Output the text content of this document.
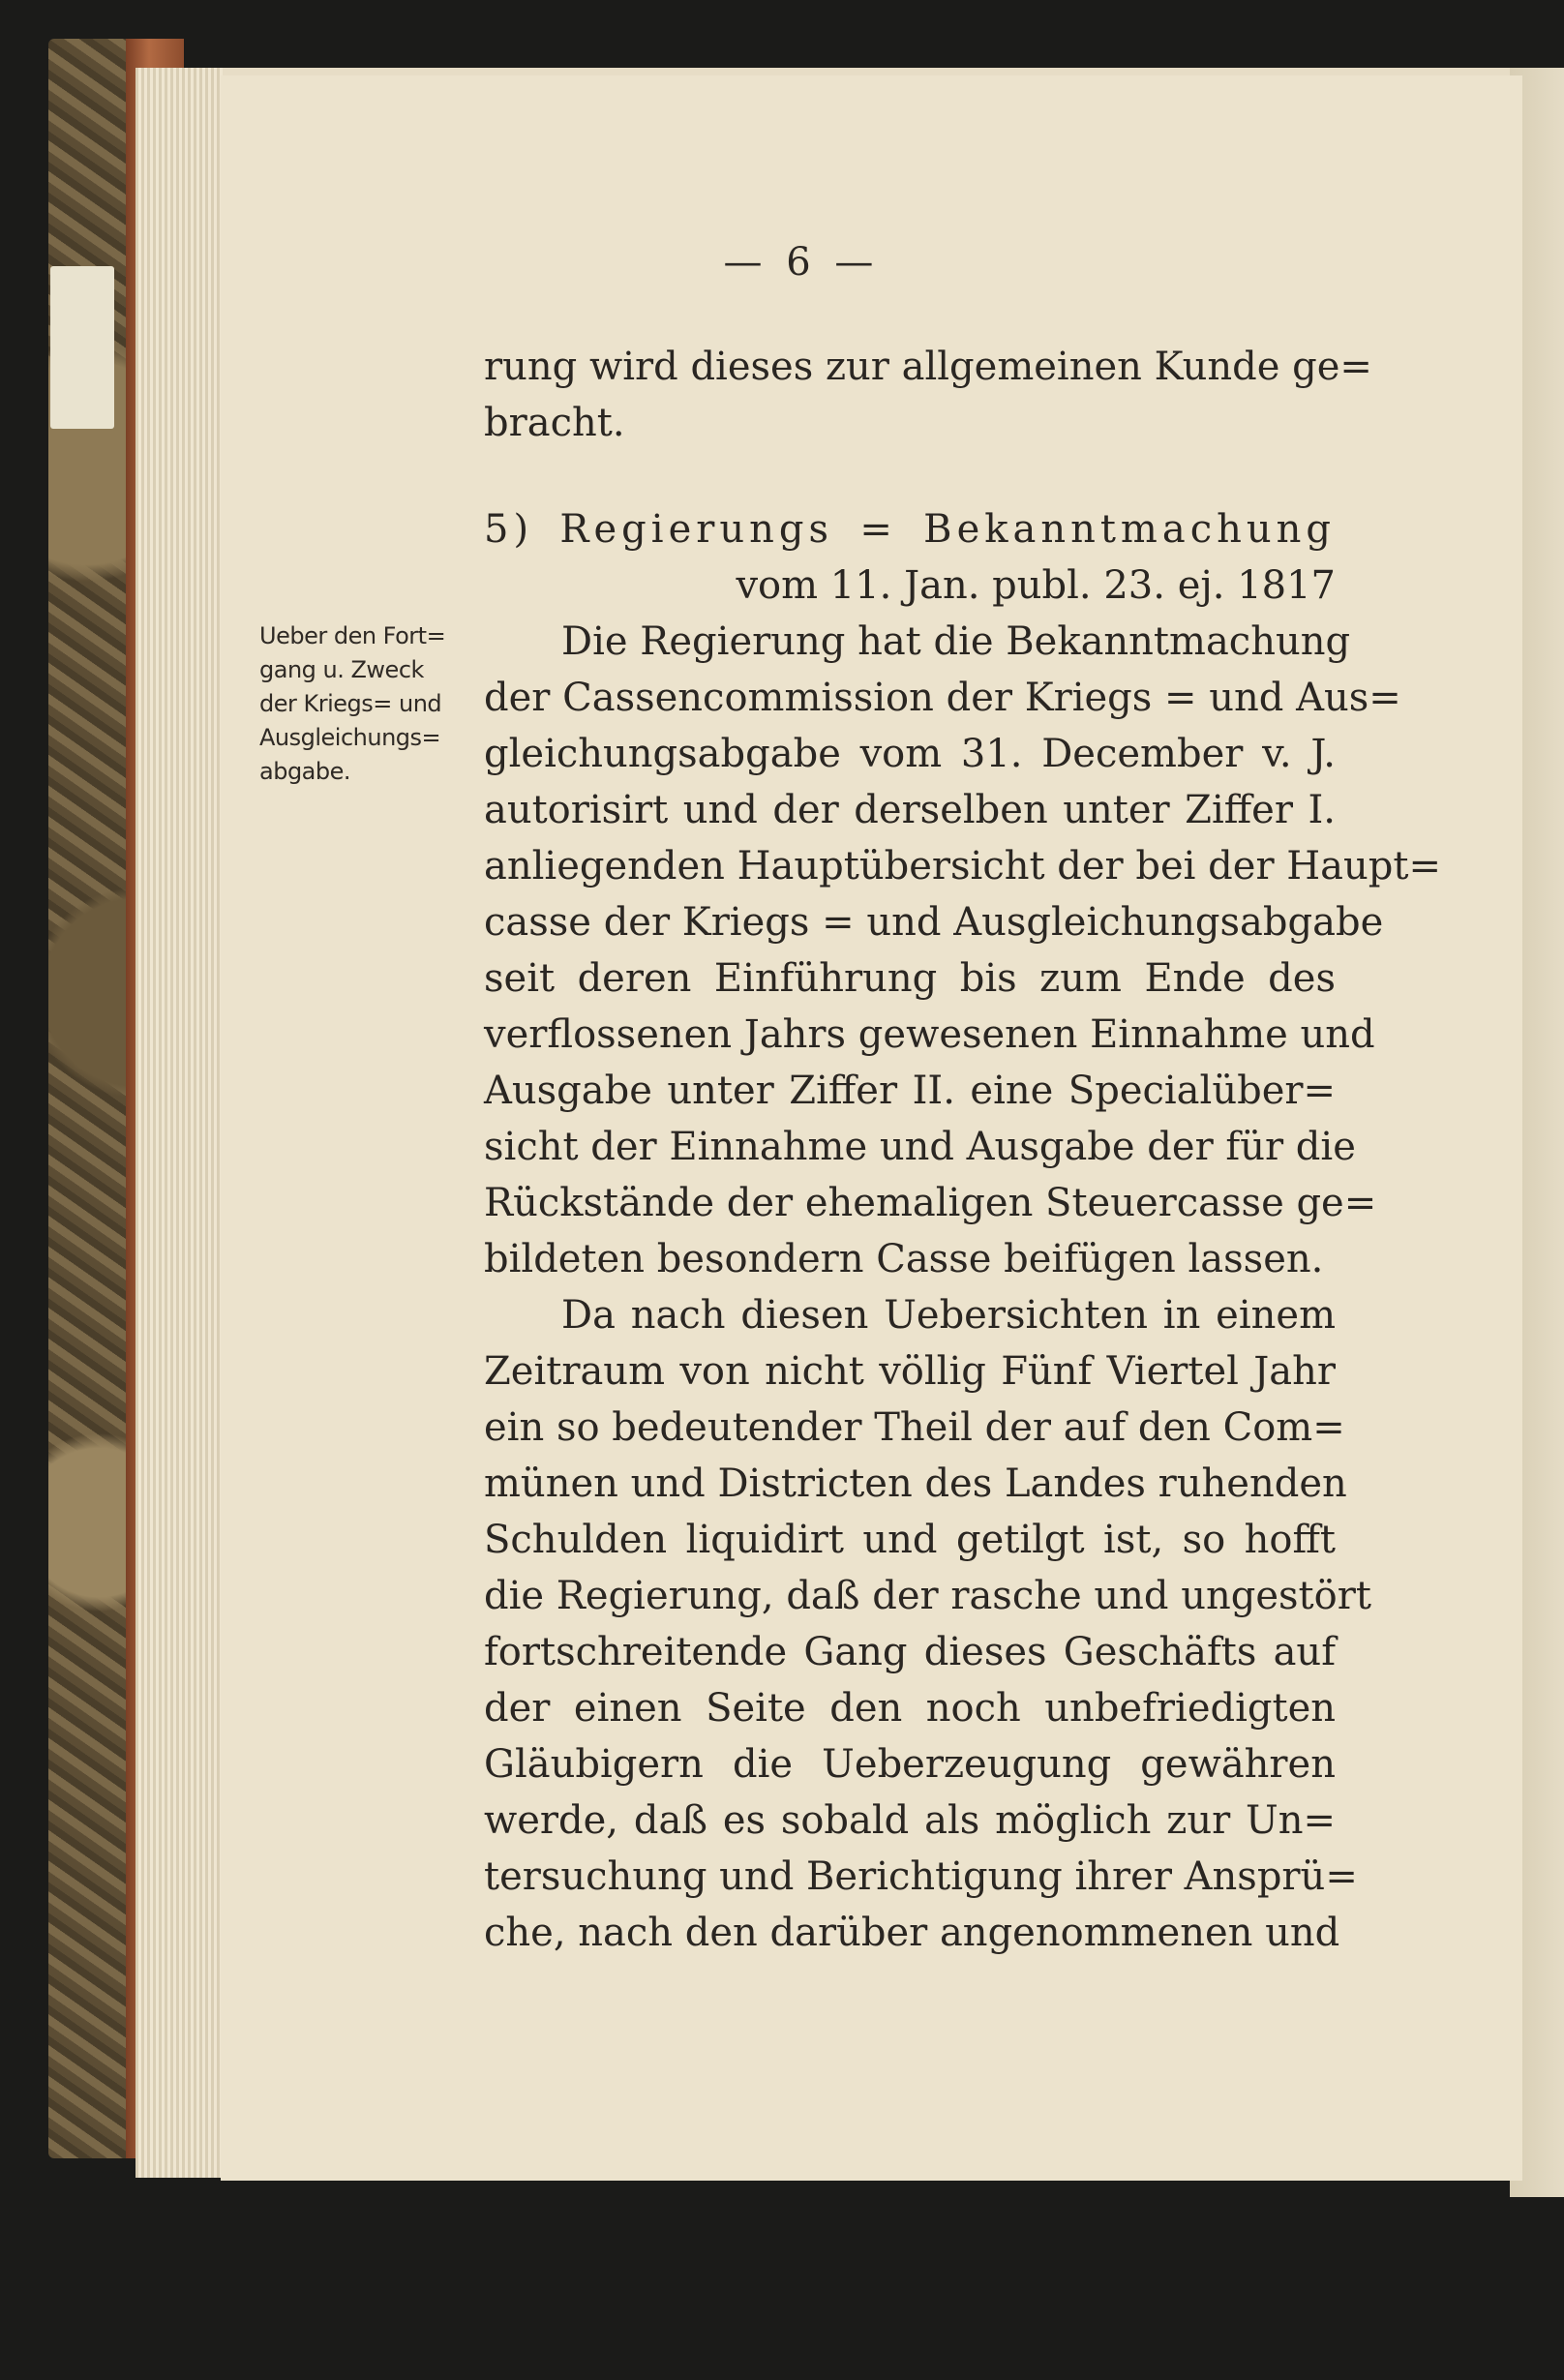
— 6 —
Ueber den Fort=
gang u. Zweck
der Kriegs= und
Ausgleichungs=
abgabe.
rung wird dieses zur allgemeinen Kunde ge=
bracht.
5) Regierungs = Bekanntmachung
vom 11. Jan. publ. 23. ej. 1817
Die Regierung hat die Bekanntmachung
der Cassencommission der Kriegs = und Aus=
gleichungsabgabe vom 31. December v. J.
autorisirt und der derselben unter Ziffer I.
anliegenden Hauptübersicht der bei der Haupt=
casse der Kriegs = und Ausgleichungsabgabe
seit deren Einführung bis zum Ende des
verflossenen Jahrs gewesenen Einnahme und
Ausgabe unter Ziffer II. eine Specialüber=
sicht der Einnahme und Ausgabe der für die
Rückstände der ehemaligen Steuercasse ge=
bildeten besondern Casse beifügen lassen.
Da nach diesen Uebersichten in einem
Zeitraum von nicht völlig Fünf Viertel Jahr
ein so bedeutender Theil der auf den Com=
münen und Districten des Landes ruhenden
Schulden liquidirt und getilgt ist, so hofft
die Regierung, daß der rasche und ungestört
fortschreitende Gang dieses Geschäfts auf
der einen Seite den noch unbefriedigten
Gläubigern die Ueberzeugung gewähren
werde, daß es sobald als möglich zur Un=
tersuchung und Berichtigung ihrer Ansprü=
che, nach den darüber angenommenen und
